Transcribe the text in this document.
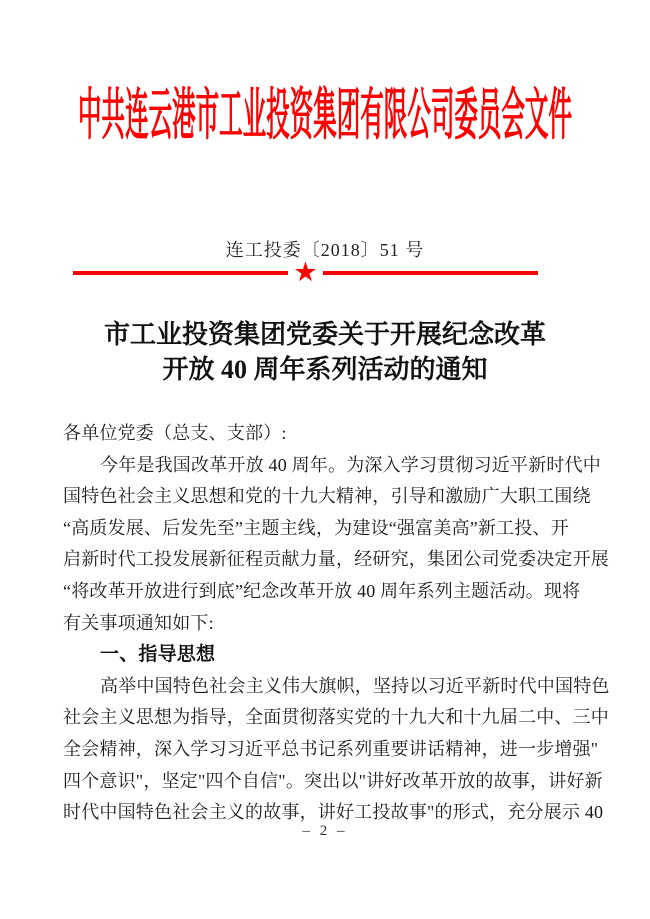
中共连云港市工业投资集团有限公司委员会文件
连工投委〔2018〕51 号
★
市工业投资集团党委关于开展纪念改革
开放 40 周年系列活动的通知
各单位党委（总支、支部）:
今年是我国改革开放 40 周年。为深入学习贯彻习近平新时代中
国特色社会主义思想和党的十九大精神，引导和激励广大职工围绕
“高质发展、后发先至”主题主线，为建设“强富美高”新工投、开
启新时代工投发展新征程贡献力量，经研究，集团公司党委决定开展
“将改革开放进行到底”纪念改革开放 40 周年系列主题活动。现将
有关事项通知如下:
一、指导思想
高举中国特色社会主义伟大旗帜，坚持以习近平新时代中国特色
社会主义思想为指导，全面贯彻落实党的十九大和十九届二中、三中
全会精神，深入学习习近平总书记系列重要讲话精神，进一步增强"
四个意识"，坚定"四个自信"。突出以"讲好改革开放的故事，讲好新
时代中国特色社会主义的故事，讲好工投故事"的形式，充分展示 40
– 2 –
